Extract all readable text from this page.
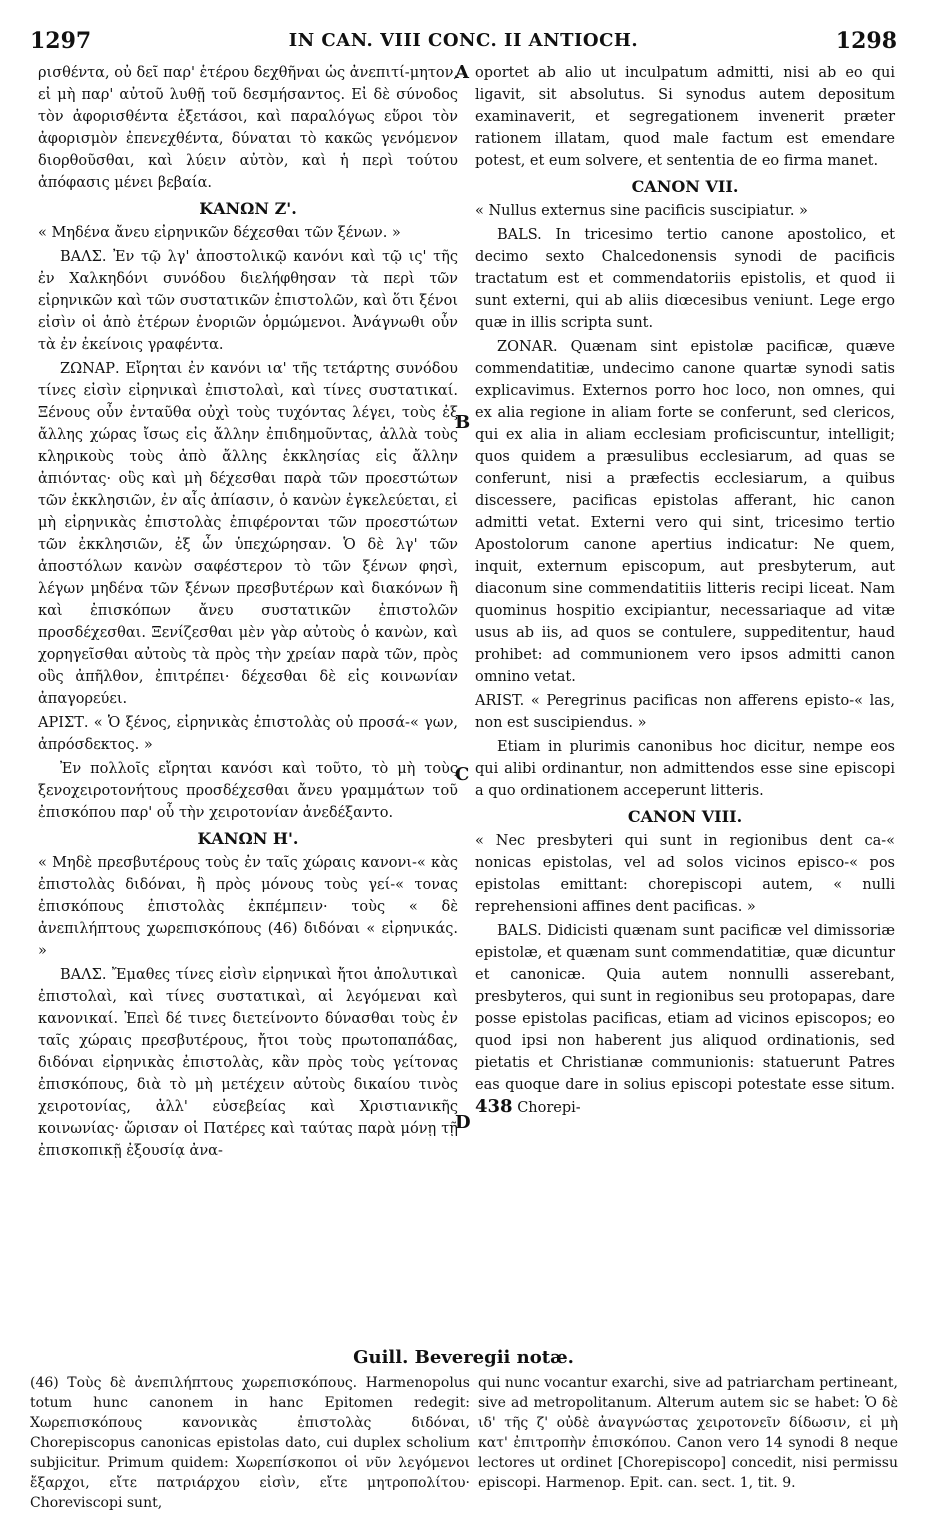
1297	IN CAN. VIII CONC. II ANTIOCH.	1298
A
B
C
D

ρισθέντα, οὐ δεῖ παρ' ἑτέρου δεχθῆναι ὡς ἀνεπιτί-μητον, εἰ μὴ παρ' αὐτοῦ λυθῇ τοῦ δεσμήσαντος. Εἰ δὲ σύνοδος τὸν ἀφορισθέντα ἐξετάσοι, καὶ παραλόγως εὕροι τὸν ἀφορισμὸν ἐπενεχθέντα, δύναται τὸ κακῶς γενόμενον διορθοῦσθαι, καὶ λύειν αὐτὸν, καὶ ἡ περὶ τούτου ἀπόφασις μένει βεβαία.

ΚΑΝΩΝ Ζ'.

« Μηδένα ἄνευ εἰρηνικῶν δέχεσθαι τῶν ξένων. »

ΒΑΛΣ. Ἐν τῷ λγ' ἀποστολικῷ κανόνι καὶ τῷ ις' τῆς ἐν Χαλκηδόνι συνόδου διελήφθησαν τὰ περὶ τῶν εἰρηνικῶν καὶ τῶν συστατικῶν ἐπιστολῶν, καὶ ὅτι ξένοι εἰσὶν οἱ ἀπὸ ἑτέρων ἐνοριῶν ὁρμώμενοι. Ἀνάγνωθι οὖν τὰ ἐν ἐκείνοις γραφέντα.

ΖΩΝΑΡ. Εἴρηται ἐν κανόνι ια' τῆς τετάρτης συνόδου τίνες εἰσὶν εἰρηνικαὶ ἐπιστολαὶ, καὶ τίνες συστατικαί. Ξένους οὖν ἐνταῦθα οὐχὶ τοὺς τυχόντας λέγει, τοὺς ἐξ ἄλλης χώρας ἴσως εἰς ἄλλην ἐπιδημοῦντας, ἀλλὰ τοὺς κληρικοὺς τοὺς ἀπὸ ἄλλης ἐκκλησίας εἰς ἄλλην ἀπιόντας· οὓς καὶ μὴ δέχεσθαι παρὰ τῶν προεστώτων τῶν ἐκκλησιῶν, ἐν αἷς ἀπίασιν, ὁ κανὼν ἐγκελεύεται, εἰ μὴ εἰρηνικὰς ἐπιστολὰς ἐπιφέρονται τῶν προεστώτων τῶν ἐκκλησιῶν, ἐξ ὧν ὑπεχώρησαν. Ὁ δὲ λγ' τῶν ἀποστόλων κανὼν σαφέστερον τὸ τῶν ξένων φησὶ, λέγων μηδένα τῶν ξένων πρεσβυτέρων καὶ διακόνων ἢ καὶ ἐπισκόπων ἄνευ συστατικῶν ἐπιστολῶν προσδέχεσθαι. Ξενίζεσθαι μὲν γὰρ αὐτοὺς ὁ κανὼν, καὶ χορηγεῖσθαι αὐτοὺς τὰ πρὸς τὴν χρείαν παρὰ τῶν, πρὸς οὓς ἀπῆλθον, ἐπιτρέπει· δέχεσθαι δὲ εἰς κοινωνίαν ἀπαγορεύει.

ΑΡΙΣΤ. « Ὁ ξένος, εἰρηνικὰς ἐπιστολὰς οὐ προσά-« γων, ἀπρόσδεκτος. »

Ἐν πολλοῖς εἴρηται κανόσι καὶ τοῦτο, τὸ μὴ τοὺς ξενοχειροτονήτους προσδέχεσθαι ἄνευ γραμμάτων τοῦ ἐπισκόπου παρ' οὗ τὴν χειροτονίαν ἀνεδέξαντο.

ΚΑΝΩΝ Η'.

« Μηδὲ πρεσβυτέρους τοὺς ἐν ταῖς χώραις κανονι-« κὰς ἐπιστολὰς διδόναι, ἢ πρὸς μόνους τοὺς γεί-« τονας ἐπισκόπους ἐπιστολὰς ἐκπέμπειν· τοὺς « δὲ ἀνεπιλήπτους χωρεπισκόπους (46) διδόναι « εἰρηνικάς. »

ΒΑΛΣ. Ἔμαθες τίνες εἰσὶν εἰρηνικαὶ ἤτοι ἀπολυτικαὶ ἐπιστολαὶ, καὶ τίνες συστατικαὶ, αἱ λεγόμεναι καὶ κανονικαί. Ἐπεὶ δέ τινες διετείνοντο δύνασθαι τοὺς ἐν ταῖς χώραις πρεσβυτέρους, ἤτοι τοὺς πρωτοπαπάδας, διδόναι εἰρηνικὰς ἐπιστολὰς, κἂν πρὸς τοὺς γείτονας ἐπισκόπους, διὰ τὸ μὴ μετέχειν αὐτοὺς δικαίου τινὸς χειροτονίας, ἀλλ' εὐσεβείας καὶ Χριστιανικῆς κοινωνίας· ὥρισαν οἱ Πατέρες καὶ ταύτας παρὰ μόνῃ τῇ ἐπισκοπικῇ ἐξουσίᾳ ἀνα-

oportet ab alio ut inculpatum admitti, nisi ab eo qui ligavit, sit absolutus. Si synodus autem depositum examinaverit, et segregationem invenerit præter rationem illatam, quod male factum est emendare potest, et eum solvere, et sententia de eo firma manet.

CANON VII.

« Nullus externus sine pacificis suscipiatur. »

BALS. In tricesimo tertio canone apostolico, et decimo sexto Chalcedonensis synodi de pacificis tractatum est et commendatoriis epistolis, et quod ii sunt externi, qui ab aliis diœcesibus veniunt. Lege ergo quæ in illis scripta sunt.

ZONAR. Quænam sint epistolæ pacificæ, quæve commendatitiæ, undecimo canone quartæ synodi satis explicavimus. Externos porro hoc loco, non omnes, qui ex alia regione in aliam forte se conferunt, sed clericos, qui ex alia in aliam ecclesiam proficiscuntur, intelligit; quos quidem a præsulibus ecclesiarum, ad quas se conferunt, nisi a præfectis ecclesiarum, a quibus discessere, pacificas epistolas afferant, hic canon admitti vetat. Externi vero qui sint, tricesimo tertio Apostolorum canone apertius indicatur: Ne quem, inquit, externum episcopum, aut presbyterum, aut diaconum sine commendatitiis litteris recipi liceat. Nam quominus hospitio excipiantur, necessariaque ad vitæ usus ab iis, ad quos se contulere, suppeditentur, haud prohibet: ad communionem vero ipsos admitti canon omnino vetat.

ARIST. « Peregrinus pacificas non afferens episto-« las, non est suscipiendus. »

Etiam in plurimis canonibus hoc dicitur, nempe eos qui alibi ordinantur, non admittendos esse sine episcopi a quo ordinationem acceperunt litteris.

CANON VIII.

« Nec presbyteri qui sunt in regionibus dent ca-« nonicas epistolas, vel ad solos vicinos episco-« pos epistolas emittant: chorepiscopi autem, « nulli reprehensioni affines dent pacificas. »

BALS. Didicisti quænam sunt pacificæ vel dimissoriæ epistolæ, et quænam sunt commendatitiæ, quæ dicuntur et canonicæ. Quia autem nonnulli asserebant, presbyteros, qui sunt in regionibus seu protopapas, dare posse epistolas pacificas, etiam ad vicinos episcopos; eo quod ipsi non haberent jus aliquod ordinationis, sed pietatis et Christianæ communionis: statuerunt Patres eas quoque dare in solius episcopi potestate esse situm. 438 Chorepi-

Guill. Beveregii notæ.
(46) Τοὺς δὲ ἀνεπιλήπτους χωρεπισκόπους. Harmenopolus totum hunc canonem in hanc Epitomen redegit: Χωρεπισκόπους κανονικὰς ἐπιστολὰς διδόναι, Chorepiscopus canonicas epistolas dato, cui duplex scholium subjicitur. Primum quidem: Χωρεπίσκοποι οἱ νῦν λεγόμενοι ἔξαρχοι, εἴτε πατριάρχου εἰσὶν, εἴτε μητροπολίτου· Choreviscopi sunt,
qui nunc vocantur exarchi, sive ad patriarcham pertineant, sive ad metropolitanum. Alterum autem sic se habet: Ὁ δὲ ιδ' τῆς ζ' οὐδὲ ἀναγνώστας χειροτονεῖν δίδωσιν, εἰ μὴ κατ' ἐπιτροπὴν ἐπισκόπου. Canon vero 14 synodi 8 neque lectores ut ordinet [Chorepiscopo] concedit, nisi permissu episcopi. Harmenop. Epit. can. sect. 1, tit. 9.
